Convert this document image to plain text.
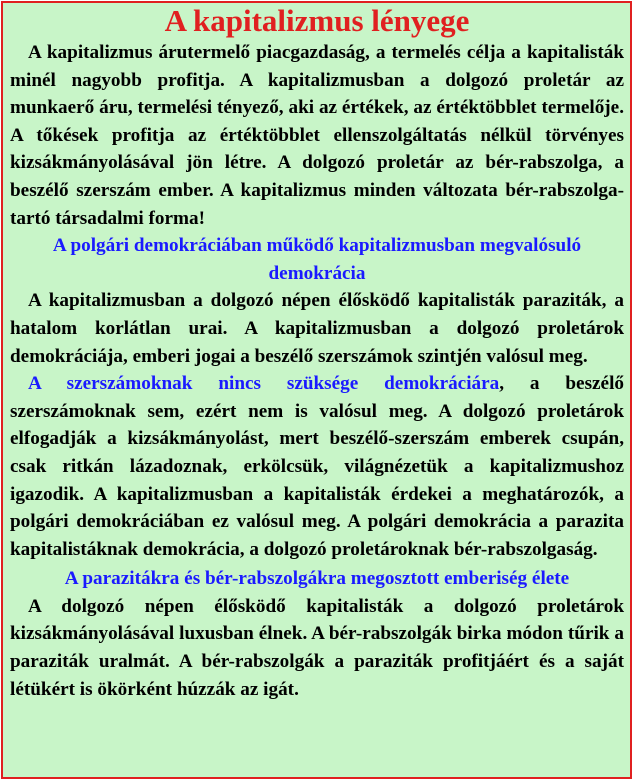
A kapitalizmus lényege

A kapitalizmus árutermelő piacgazdaság, a termelés célja a kapitalisták minél nagyobb profitja. A kapitalizmusban a dolgozó proletár az munkaerő áru, termelési tényező, aki az értékek, az értéktöbblet termelője. A tőkések profitja az értéktöbblet ellenszolgáltatás nélkül törvényes kizsákmányolásával jön létre. A dolgozó proletár az bér-rabszolga, a beszélő szerszám ember. A kapitalizmus minden változata bér-rabszolgatartó társadalmi forma!

A polgári demokráciában működő kapitalizmusban megvalósuló demokrácia

A kapitalizmusban a dolgozó népen élősködő kapitalisták paraziták, a hatalom korlátlan urai. A kapitalizmusban a dolgozó proletárok demokráciája, emberi jogai a beszélő szerszámok szintjén valósul meg.

A szerszámoknak nincs szüksége demokráciára, a beszélő szerszámoknak sem, ezért nem is valósul meg. A dolgozó proletárok elfogadják a kizsákmányolást, mert beszélő-szerszám emberek csupán, csak ritkán lázadoznak, erkölcsük, világnézetük a kapitalizmushoz igazodik. A kapitalizmusban a kapitalisták érdekei a meghatározók, a polgári demokráciában ez valósul meg. A polgári demokrácia a parazita kapitalistáknak demokrácia, a dolgozó proletároknak bér-rabszolgaság.

A parazitákra és bér-rabszolgákra megosztott emberiség élete

A dolgozó népen élősködő kapitalisták a dolgozó proletárok kizsákmányolásával luxusban élnek. A bér-rabszolgák birka módon tűrik a paraziták uralmát. A bér-rabszolgák a paraziták profitjáért és a saját létükért is ökörként húzzák az igát.
